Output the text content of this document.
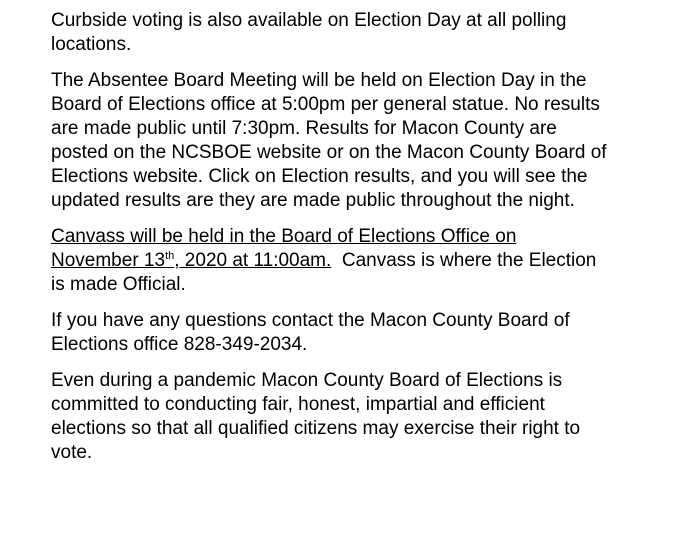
Curbside voting is also available on Election Day at all polling
locations.

The Absentee Board Meeting will be held on Election Day in the
Board of Elections office at 5:00pm per general statue. No results
are made public until 7:30pm. Results for Macon County are
posted on the NCSBOE website or on the Macon County Board of
Elections website. Click on Election results, and you will see the
updated results are they are made public throughout the night.

Canvass will be held in the Board of Elections Office on
November 13th, 2020 at 11:00am.  Canvass is where the Election
is made Official.

If you have any questions contact the Macon County Board of
Elections office 828-349-2034.

Even during a pandemic Macon County Board of Elections is
committed to conducting fair, honest, impartial and efficient
elections so that all qualified citizens may exercise their right to
vote.
